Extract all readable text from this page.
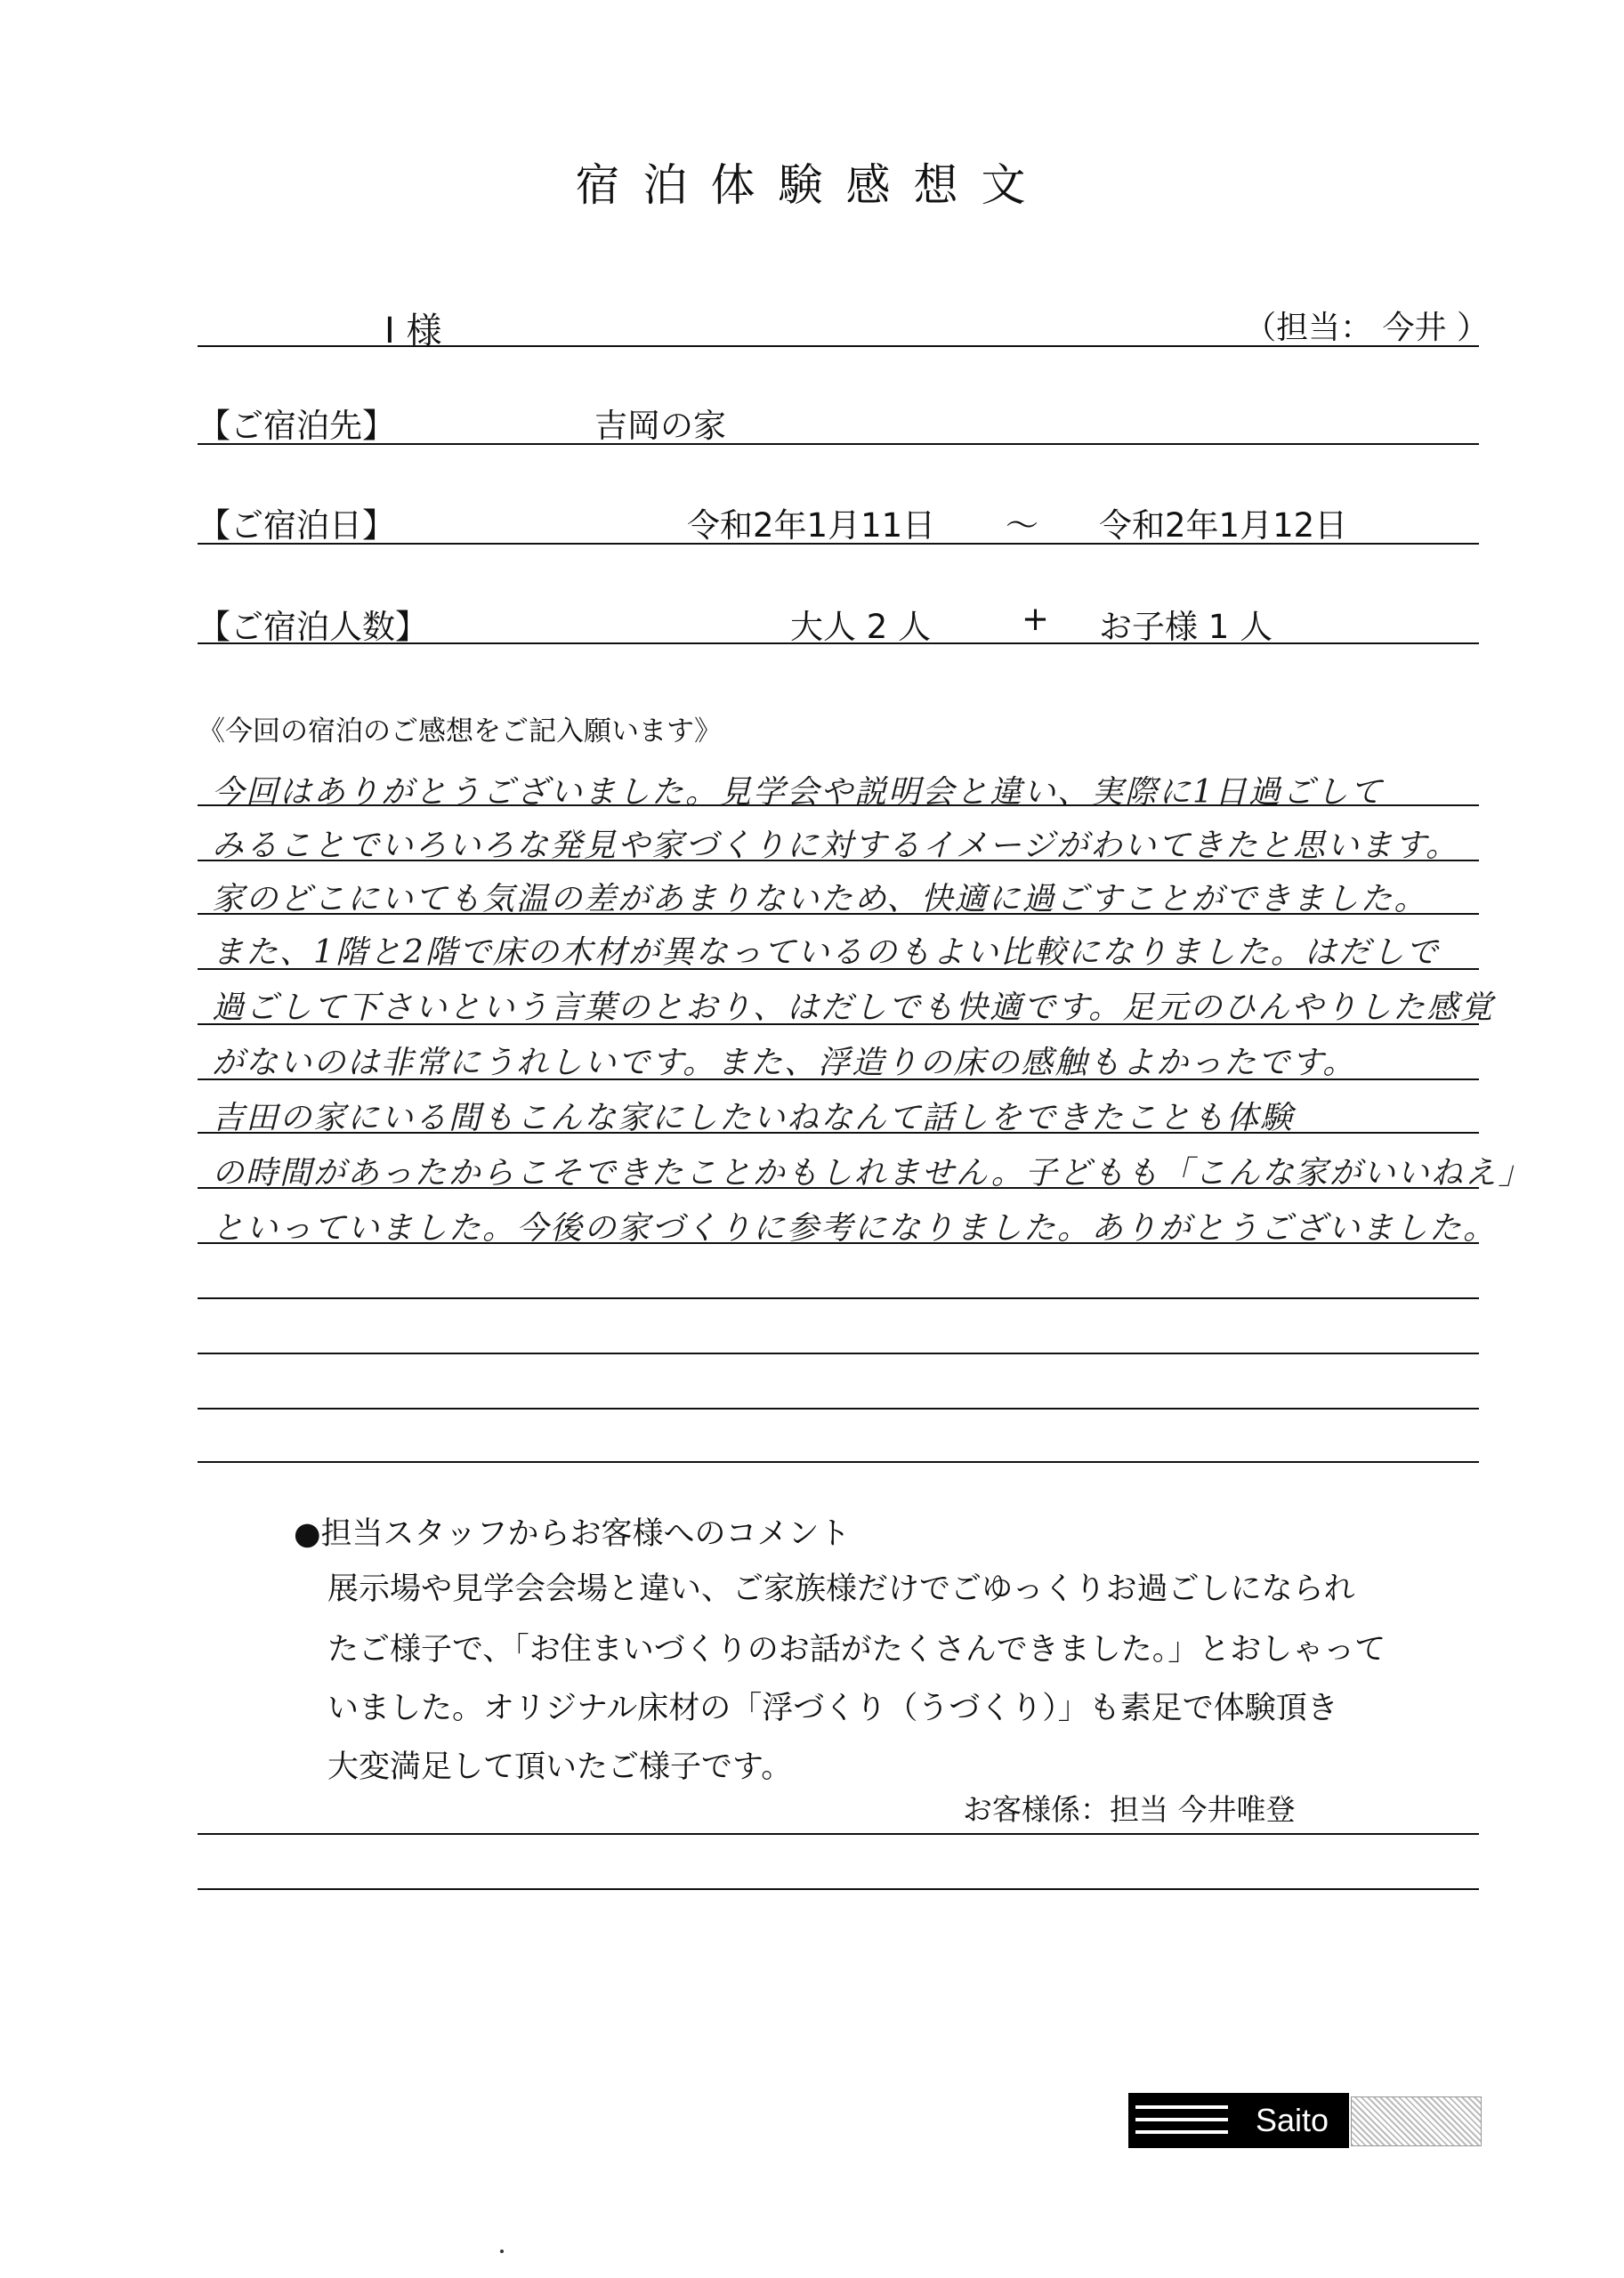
宿泊体験感想文
I 様	（担当： 今井 ）
【ご宿泊先】	吉岡の家
【ご宿泊日】	令和2年1月11日 ～ 令和2年1月12日
【ご宿泊人数】	大人 2 人	+ お子様 1 人
《今回の宿泊のご感想をご記入願います》
今回はありがとうございました。見学会や説明会と違い、実際に1日過ごして
みることでいろいろな発見や家づくりに対するイメージがわいてきたと思います。
家のどこにいても気温の差があまりないため、快適に過ごすことができました。
また、1階と2階で床の木材が異なっているのもよい比較になりました。はだしで
過ごして下さいという言葉のとおり、はだしでも快適です。足元のひんやりした感覚
がないのは非常にうれしいです。また、浮造りの床の感触もよかったです。
吉田の家にいる間もこんな家にしたいねなんて話しをできたことも体験
の時間があったからこそできたことかもしれません。子どもも「こんな家がいいねえ」
といっていました。今後の家づくりに参考になりました。ありがとうございました。
●担当スタッフからお客様へのコメント
展示場や見学会会場と違い、ご家族様だけでごゆっくりお過ごしになられ
たご様子で、「お住まいづくりのお話がたくさんできました。」とおしゃって
いました。オリジナル床材の「浮づくり（うづくり）」も素足で体験頂き
大変満足して頂いたご様子です。
お客様係：担当 今井唯登
Saito
